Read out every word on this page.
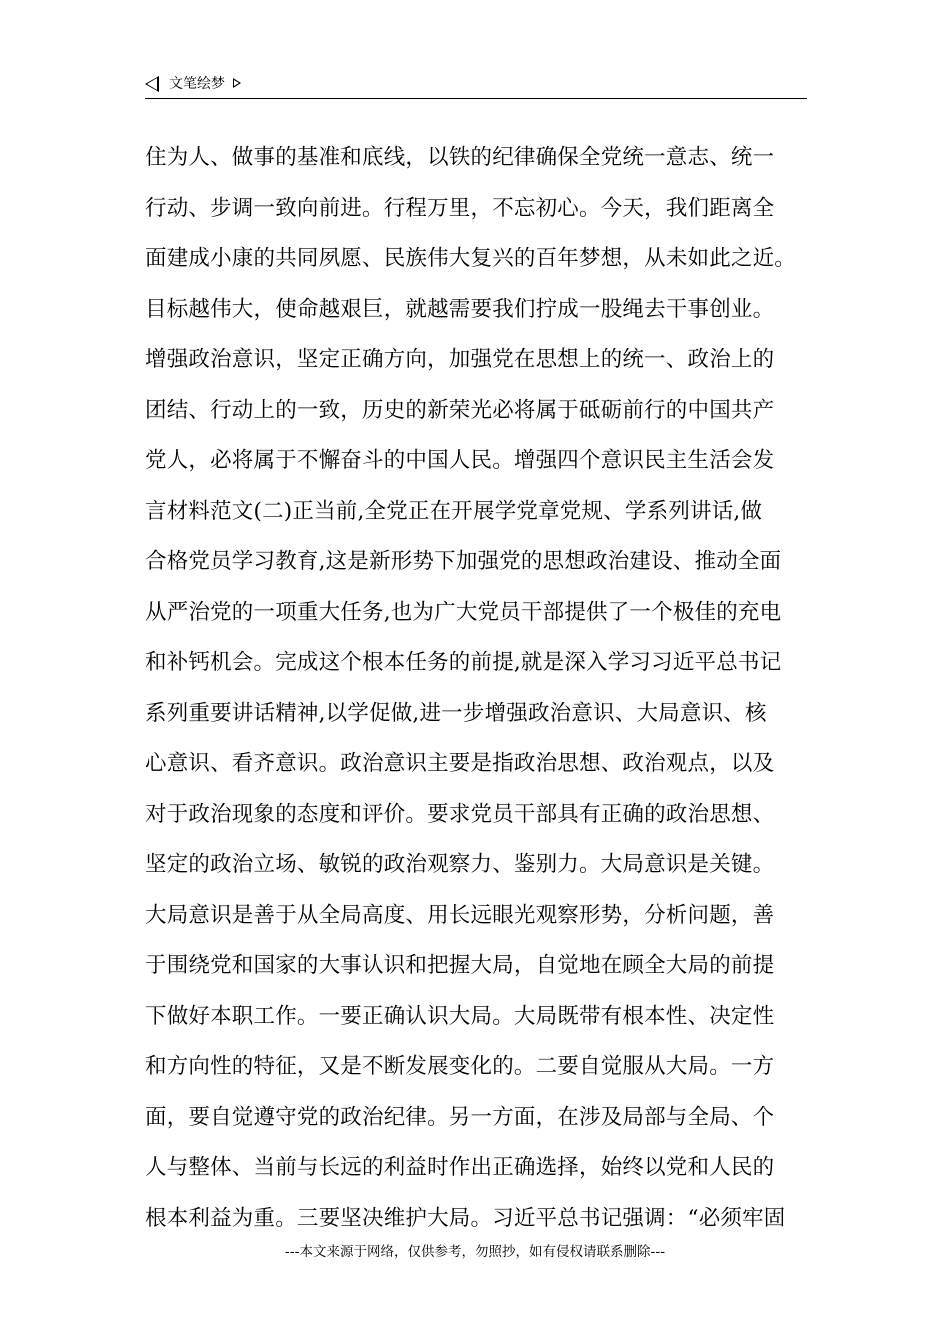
文笔绘梦
住为人、做事的基准和底线，以铁的纪律确保全党统一意志、统一
行动、步调一致向前进。行程万里，不忘初心。今天，我们距离全
面建成小康的共同夙愿、民族伟大复兴的百年梦想，从未如此之近。
目标越伟大，使命越艰巨，就越需要我们拧成一股绳去干事创业。
增强政治意识，坚定正确方向，加强党在思想上的统一、政治上的
团结、行动上的一致，历史的新荣光必将属于砥砺前行的中国共产
党人，必将属于不懈奋斗的中国人民。增强四个意识民主生活会发
言材料范文(二)正当前,全党正在开展学党章党规、学系列讲话,做
合格党员学习教育,这是新形势下加强党的思想政治建设、推动全面
从严治党的一项重大任务,也为广大党员干部提供了一个极佳的充电
和补钙机会。完成这个根本任务的前提,就是深入学习习近平总书记
系列重要讲话精神,以学促做,进一步增强政治意识、大局意识、核
心意识、看齐意识。政治意识主要是指政治思想、政治观点，以及
对于政治现象的态度和评价。要求党员干部具有正确的政治思想、
坚定的政治立场、敏锐的政治观察力、鉴别力。大局意识是关键。
大局意识是善于从全局高度、用长远眼光观察形势，分析问题，善
于围绕党和国家的大事认识和把握大局，自觉地在顾全大局的前提
下做好本职工作。一要正确认识大局。大局既带有根本性、决定性
和方向性的特征，又是不断发展变化的。二要自觉服从大局。一方
面，要自觉遵守党的政治纪律。另一方面，在涉及局部与全局、个
人与整体、当前与长远的利益时作出正确选择，始终以党和人民的
根本利益为重。三要坚决维护大局。习近平总书记强调：“必须牢固
---本文来源于网络，仅供参考，勿照抄，如有侵权请联系删除---
